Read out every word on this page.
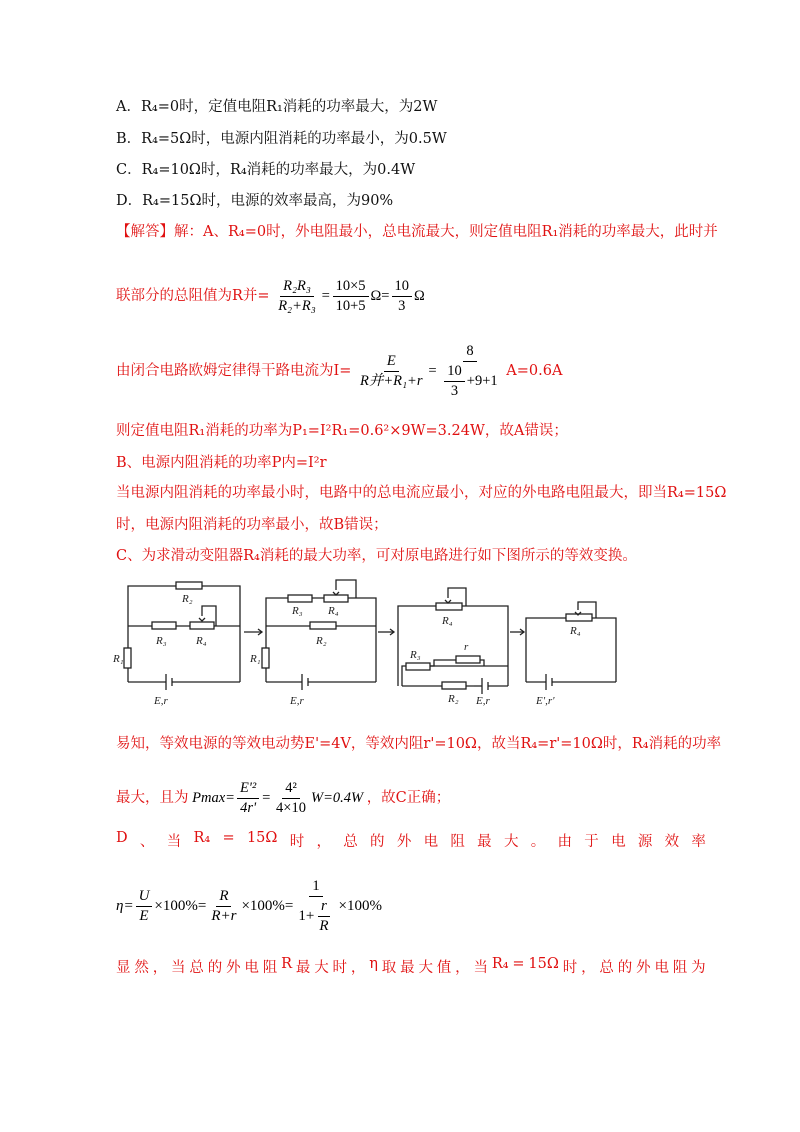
A．R₄=0时，定值电阻R₁消耗的功率最大，为2W
B．R₄=5Ω时，电源内阻消耗的功率最小，为0.5W
C．R₄=10Ω时，R₄消耗的功率最大，为0.4W
D．R₄=15Ω时，电源的效率最高，为90%
【解答】解：A、R₄=0时，外电阻最小，总电流最大，则定值电阻R₁消耗的功率最大，此时并
联部分的总阻值为R并= $\frac{\text{R₂R₃}}{\text{R₂+R₃}} = \frac{10\times 5}{10+5} \Omega= \frac{10}{3}$ Ω
由闭合电路欧姆定律得干路电流为$I= \frac{E}{\text{R并+R₁+r}} = \frac{8}{\frac{10}{3} +9+1} A=0.6A$
则定值电阻R₁消耗的功率为P₁=I²R₁=0.6²×9W=3.24W，故A错误；
B、电源内阻消耗的功率P内=I²r
当电源内阻消耗的功率最小时，电路中的总电流应最小，对应的外电路电阻最大，即当R₄=15Ω
时，电源内阻消耗的功率最小，故B错误；
C、为求滑动变阻器R₄消耗的最大功率，可对原电路进行如下图所示的等效变换。
R₂
R₃	R₄
R₁
E,r
R₃ R₄
R₂
R₁
E,r
R₄
R₃
r
R₂ E,r
R₄
E',r'
易知，等效电源的等效电动势E'=4V，等效内阻r'=10Ω，故当R₄=r'=10Ω时，R₄消耗的功率
最大，且为 $Pmax= \frac{\text{E'²}}{4r'} = \frac{\text{4²}}{4\times 10} W=0.4W$ ，故C正确；
D 、 当 R₄ = 15Ω 时 ， 总 的 外 电 阻 最 大 。 由 于 电 源 效 率
$\eta= \frac{U}{E} \times 100\%= \frac{R}{R+r} \times 100\%= \frac{1}{1+ \frac{r}{R}} \times 100\%$
显 然 ， 当 总 的 外 电 阻 R 最 大 时 ， η 取 最 大 值 ， 当 R₄ = 15Ω 时 ， 总 的 外 电 阻 为
